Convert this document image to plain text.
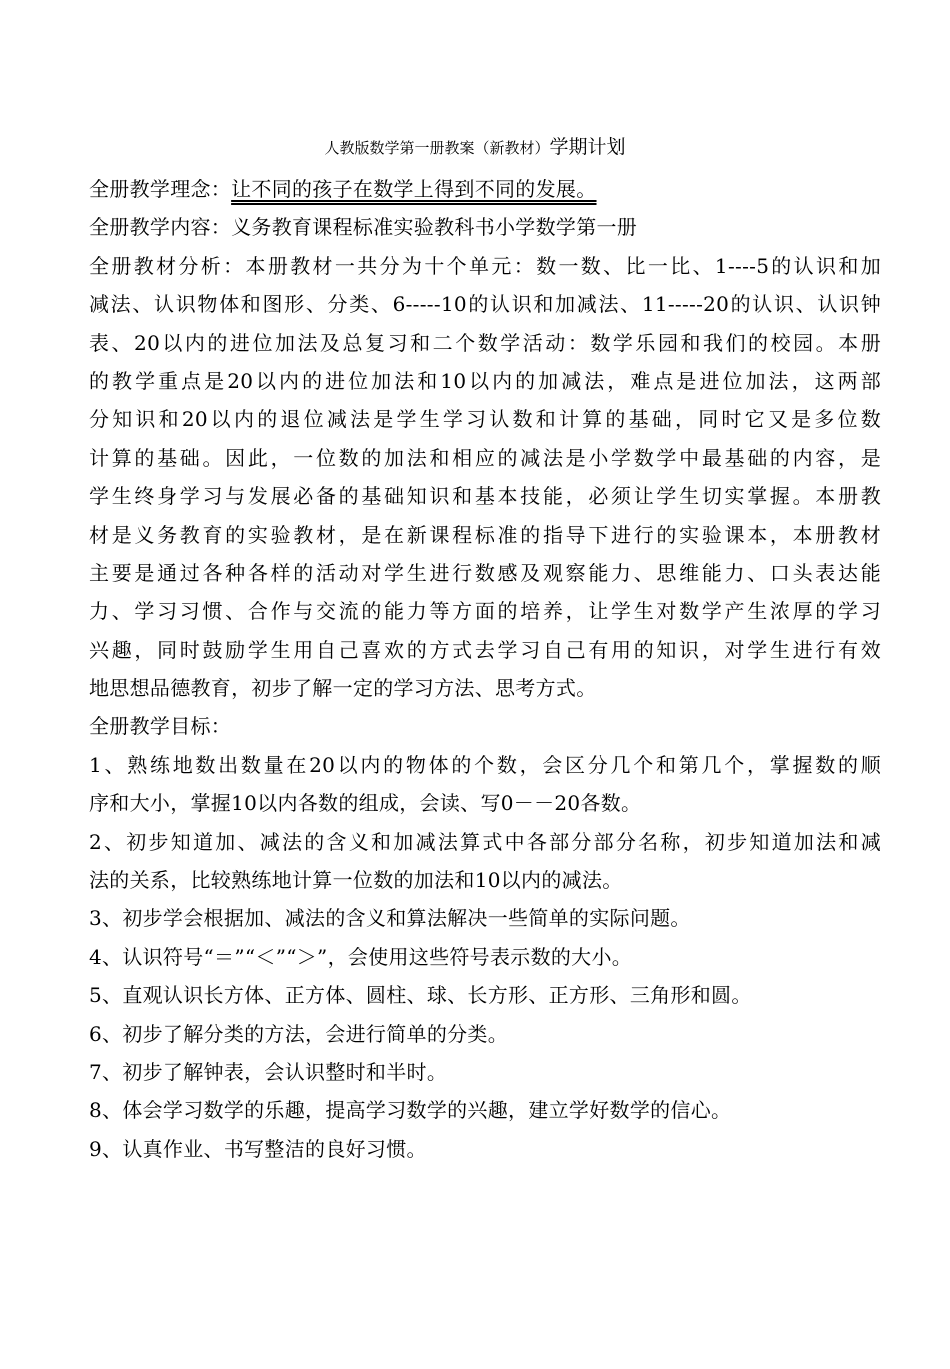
人教版数学第一册教案（新教材）学期计划
全册教学理念：让不同的孩子在数学上得到不同的发展。
全册教学内容：义务教育课程标准实验教科书小学数学第一册
全册教材分析：本册教材一共分为十个单元：数一数、比一比、1----5的认识和加
减法、认识物体和图形、分类、6-----10的认识和加减法、11-----20的认识、认识钟
表、20以内的进位加法及总复习和二个数学活动：数学乐园和我们的校园。本册
的教学重点是20以内的进位加法和10以内的加减法，难点是进位加法，这两部
分知识和20以内的退位减法是学生学习认数和计算的基础，同时它又是多位数
计算的基础。因此，一位数的加法和相应的减法是小学数学中最基础的内容，是
学生终身学习与发展必备的基础知识和基本技能，必须让学生切实掌握。本册教
材是义务教育的实验教材，是在新课程标准的指导下进行的实验课本，本册教材
主要是通过各种各样的活动对学生进行数感及观察能力、思维能力、口头表达能
力、学习习惯、合作与交流的能力等方面的培养，让学生对数学产生浓厚的学习
兴趣，同时鼓励学生用自己喜欢的方式去学习自己有用的知识，对学生进行有效
地思想品德教育，初步了解一定的学习方法、思考方式。
全册教学目标：
1、熟练地数出数量在20以内的物体的个数，会区分几个和第几个，掌握数的顺
序和大小，掌握10以内各数的组成，会读、写0－－20各数。
2、初步知道加、减法的含义和加减法算式中各部分部分名称，初步知道加法和减
法的关系，比较熟练地计算一位数的加法和10以内的减法。
3、初步学会根据加、减法的含义和算法解决一些简单的实际问题。
4、认识符号“＝”“＜”“＞”，会使用这些符号表示数的大小。
5、直观认识长方体、正方体、圆柱、球、长方形、正方形、三角形和圆。
6、初步了解分类的方法，会进行简单的分类。
7、初步了解钟表，会认识整时和半时。
8、体会学习数学的乐趣，提高学习数学的兴趣，建立学好数学的信心。
9、认真作业、书写整洁的良好习惯。
